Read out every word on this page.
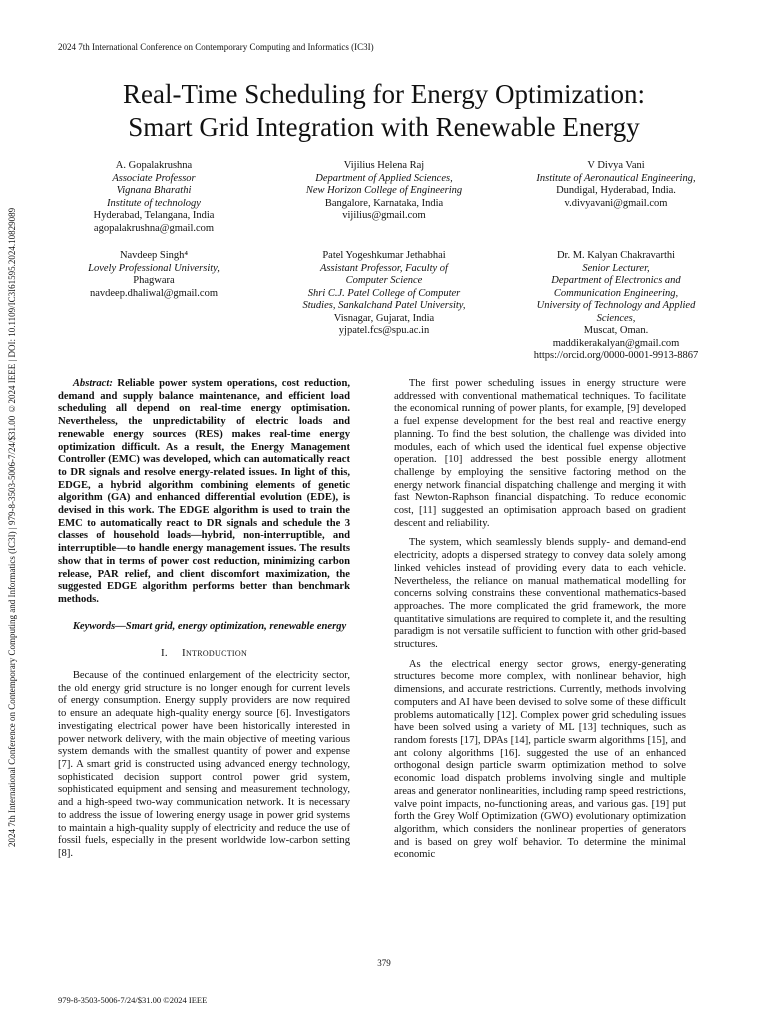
2024 7th International Conference on Contemporary Computing and Informatics (IC3I)
Real-Time Scheduling for Energy Optimization:
Smart Grid Integration with Renewable Energy
2024 7th International Conference on Contemporary Computing and Informatics (IC3I) | 979-8-3503-5006-7/24/$31.00 ©2024 IEEE | DOI: 10.1109/IC3I61595.2024.10829089
A. Gopalakrushna
Associate Professor
Vignana Bharathi
Institute of technology
Hyderabad, Telangana, India
agopalakrushna@gmail.com
Vijilius Helena Raj
Department of Applied Sciences,
New Horizon College of Engineering
Bangalore, Karnataka, India
vijilius@gmail.com
V Divya Vani
Institute of Aeronautical Engineering,
Dundigal, Hyderabad, India.
v.divyavani@gmail.com
Navdeep Singh⁴
Lovely Professional University,
Phagwara
navdeep.dhaliwal@gmail.com
Patel Yogeshkumar Jethabhai
Assistant Professor, Faculty of
Computer Science
Shri C.J. Patel College of Computer
Studies, Sankalchand Patel University,
Visnagar, Gujarat, India
yjpatel.fcs@spu.ac.in
Dr. M. Kalyan Chakravarthi
Senior Lecturer,
Department of Electronics and
Communication Engineering,
University of Technology and Applied
Sciences,
Muscat, Oman.
maddikerakalyan@gmail.com
https://orcid.org/0000-0001-9913-8867

Abstract: Reliable power system operations, cost reduction, demand and supply balance maintenance, and efficient load scheduling all depend on real-time energy optimisation. Nevertheless, the unpredictability of electric loads and renewable energy sources (RES) makes real-time energy optimization difficult. As a result, the Energy Management Controller (EMC) was developed, which can automatically react to DR signals and resolve energy-related issues. In light of this, EDGE, a hybrid algorithm combining elements of genetic algorithm (GA) and enhanced differential evolution (EDE), is devised in this work. The EDGE algorithm is used to train the EMC to automatically react to DR signals and schedule the 3 classes of household loads—hybrid, non-interruptible, and interruptible—to handle energy management issues. The results show that in terms of power cost reduction, minimizing carbon release, PAR relief, and client discomfort maximization, the suggested EDGE algorithm performs better than benchmark methods.

Keywords—Smart grid, energy optimization, renewable energy

I. Introduction

Because of the continued enlargement of the electricity sector, the old energy grid structure is no longer enough for current levels of energy consumption. Energy supply providers are now required to ensure an adequate high-quality energy source [6]. Investigators investigating electrical power have been historically interested in power network delivery, with the main objective of meeting various system demands with the smallest quantity of power and expense [7]. A smart grid is constructed using advanced energy technology, sophisticated decision support control power grid system, sophisticated equipment and sensing and measurement technology, and a high-speed two-way communication network. It is necessary to address the issue of lowering energy usage in power grid systems to maintain a high-quality supply of electricity and reduce the use of fossil fuels, especially in the present worldwide low-carbon setting [8].

The first power scheduling issues in energy structure were addressed with conventional mathematical techniques. To facilitate the economical running of power plants, for example, [9] developed a fuel expense development for the best real and reactive energy planning. To find the best solution, the challenge was divided into modules, each of which used the identical fuel expense objective operation. [10] addressed the best possible energy allotment challenge by employing the sensitive factoring method on the energy network financial dispatching challenge and merging it with fast Newton-Raphson financial dispatching. To reduce economic cost, [11] suggested an optimisation approach based on gradient descent and reliability.

The system, which seamlessly blends supply- and demand-end electricity, adopts a dispersed strategy to convey data solely among linked vehicles instead of providing every data to each vehicle. Nevertheless, the reliance on manual mathematical modelling for concerns solving constrains these conventional mathematics-based approaches. The more complicated the grid framework, the more quantitative simulations are required to complete it, and the resulting paradigm is not versatile sufficient to function with other grid-based structures.

As the electrical energy sector grows, energy-generating structures become more complex, with nonlinear behavior, high dimensions, and accurate restrictions. Currently, methods involving computers and AI have been devised to solve some of these difficult problems automatically [12]. Complex power grid scheduling issues have been solved using a variety of ML [13] techniques, such as random forests [17], DPAs [14], particle swarm algorithms [15], and ant colony algorithms [16]. suggested the use of an enhanced orthogonal design particle swarm optimization method to solve economic load dispatch problems involving single and multiple areas and generator nonlinearities, including ramp speed restrictions, valve point impacts, no-functioning areas, and various gas. [19] put forth the Grey Wolf Optimization (GWO) evolutionary optimization algorithm, which considers the nonlinear properties of generators and is based on grey wolf behavior. To determine the minimal economic

379
979-8-3503-5006-7/24/$31.00 ©2024 IEEE
